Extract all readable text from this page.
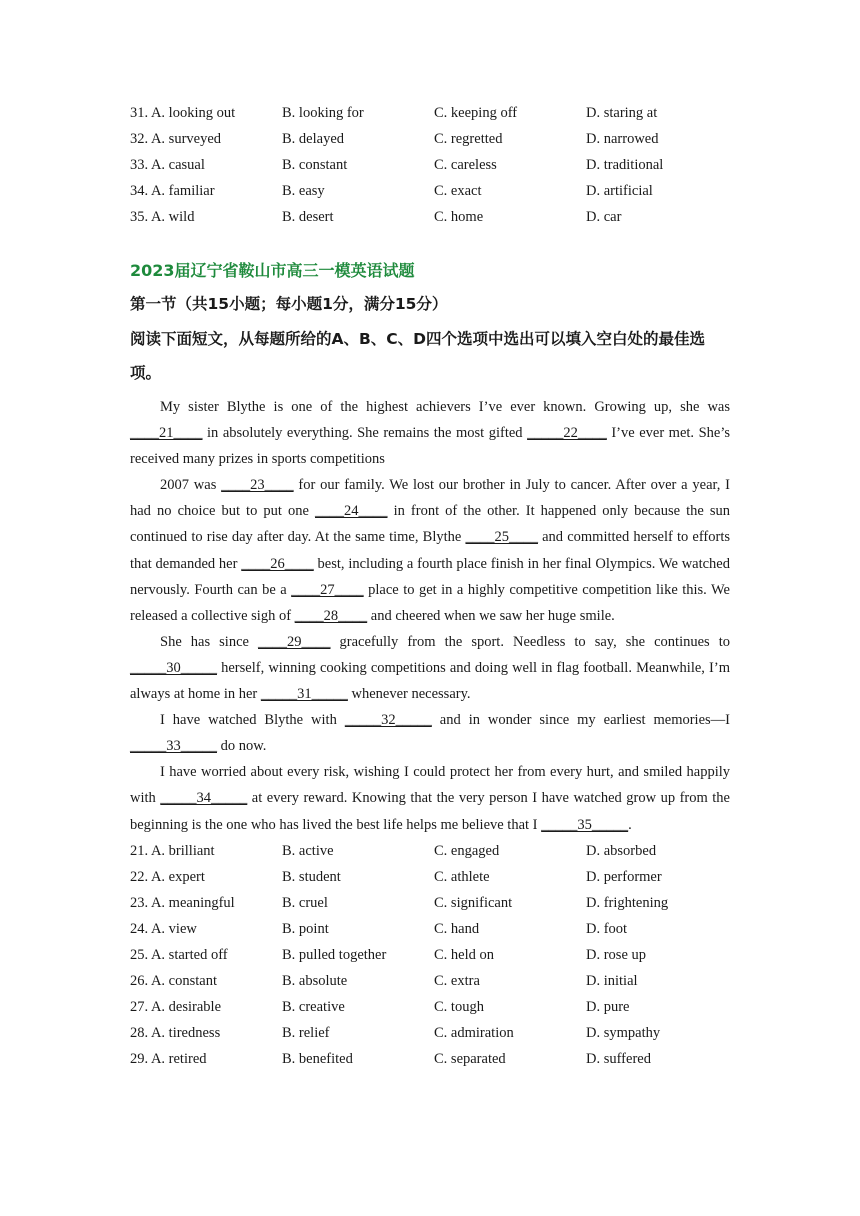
31. A. looking out	B. looking for	C. keeping off	D. staring at
32. A. surveyed	B. delayed	C. regretted	D. narrowed
33. A. casual	B. constant	C. careless	D. traditional
34. A. familiar	B. easy	C. exact	D. artificial
35. A. wild	B. desert	C. home	D. car
2023届辽宁省鞍山市高三一模英语试题
第一节（共15小题；每小题1分，满分15分）
阅读下面短文，从每题所给的A、B、C、D四个选项中选出可以填入空白处的最佳选项。

My sister Blythe is one of the highest achievers I’ve ever known. Growing up, she was ____21____ in absolutely everything. She remains the most gifted _____22____ I’ve ever met. She’s received many prizes in sports competitions

2007 was ____23____ for our family. We lost our brother in July to cancer. After over a year, I had no choice but to put one ____24____ in front of the other. It happened only because the sun continued to rise day after day. At the same time, Blythe ____25____ and committed herself to efforts that demanded her ____26____ best, including a fourth place finish in her final Olympics. We watched nervously. Fourth can be a ____27____ place to get in a highly competitive competition like this. We released a collective sigh of ____28____ and cheered when we saw her huge smile.

She has since ____29____ gracefully from the sport. Needless to say, she continues to _____30_____ herself, winning cooking competitions and doing well in flag football. Meanwhile, I’m always at home in her _____31_____ whenever necessary.

I have watched Blythe with _____32_____ and in wonder since my earliest memories—I _____33_____ do now.

I have worried about every risk, wishing I could protect her from every hurt, and smiled happily with _____34_____ at every reward. Knowing that the very person I have watched grow up from the beginning is the one who has lived the best life helps me believe that I _____35_____.

21. A. brilliant	B. active	C. engaged	D. absorbed
22. A. expert	B. student	C. athlete	D. performer
23. A. meaningful	B. cruel	C. significant	D. frightening
24. A. view	B. point	C. hand	D. foot
25. A. started off	B. pulled together	C. held on	D. rose up
26. A. constant	B. absolute	C. extra	D. initial
27. A. desirable	B. creative	C. tough	D. pure
28. A. tiredness	B. relief	C. admiration	D. sympathy
29. A. retired	B. benefited	C. separated	D. suffered
